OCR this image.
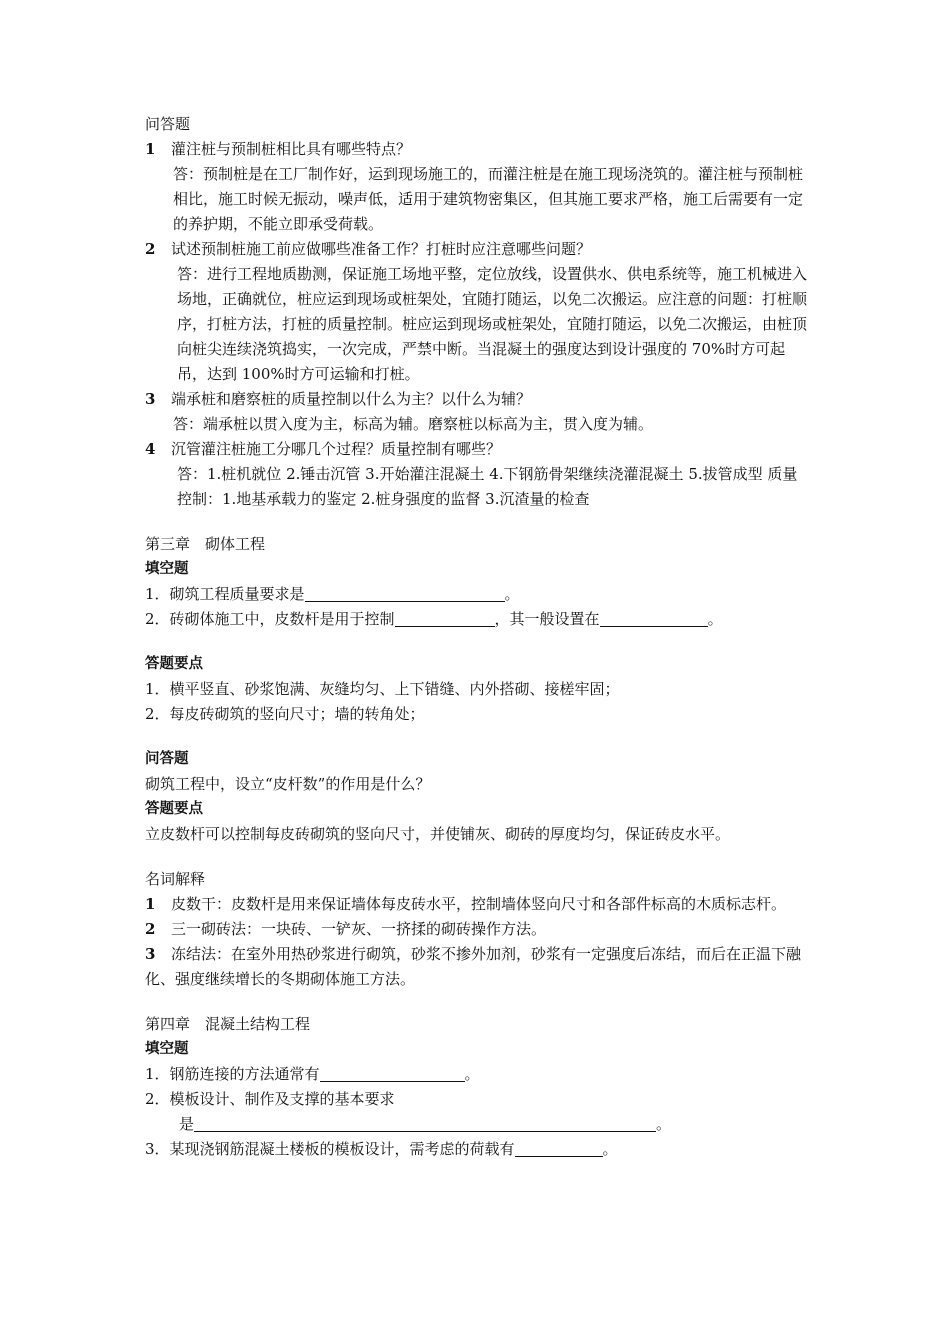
问答题
1 灌注桩与预制桩相比具有哪些特点？
答：预制桩是在工厂制作好，运到现场施工的，而灌注桩是在施工现场浇筑的。灌注桩与预制桩相比，施工时候无振动，噪声低，适用于建筑物密集区，但其施工要求严格，施工后需要有一定的养护期，不能立即承受荷载。
2 试述预制桩施工前应做哪些准备工作？打桩时应注意哪些问题？
答：进行工程地质勘测，保证施工场地平整，定位放线，设置供水、供电系统等，施工机械进入场地，正确就位，桩应运到现场或桩架处，宜随打随运，以免二次搬运。应注意的问题：打桩顺序，打桩方法，打桩的质量控制。桩应运到现场或桩架处，宜随打随运，以免二次搬运，由桩顶向桩尖连续浇筑捣实，一次完成，严禁中断。当混凝土的强度达到设计强度的 70%时方可起吊，达到 100%时方可运输和打桩。
3 端承桩和磨察桩的质量控制以什么为主？以什么为辅？
答：端承桩以贯入度为主，标高为辅。磨察桩以标高为主，贯入度为辅。
4 沉管灌注桩施工分哪几个过程？质量控制有哪些？
答：1.桩机就位 2.锤击沉管 3.开始灌注混凝土 4.下钢筋骨架继续浇灌混凝土 5.拔管成型 质量控制：1.地基承载力的鉴定 2.桩身强度的监督 3.沉渣量的检查
第三章　砌体工程
填空题
1．砌筑工程质量要求是	。
2．砖砌体施工中，皮数杆是用于控制	，其一般设置在	。
答题要点
1．横平竖直、砂浆饱满、灰缝均匀、上下错缝、内外搭砌、接槎牢固；
2．每皮砖砌筑的竖向尺寸；墙的转角处；
问答题
砌筑工程中，设立“皮杆数”的作用是什么？
答题要点
立皮数杆可以控制每皮砖砌筑的竖向尺寸，并使铺灰、砌砖的厚度均匀，保证砖皮水平。
名词解释
1 皮数干：皮数杆是用来保证墙体每皮砖水平，控制墙体竖向尺寸和各部件标高的木质标志杆。
2 三一砌砖法：一块砖、一铲灰、一挤揉的砌砖操作方法。
3 冻结法：在室外用热砂浆进行砌筑，砂浆不掺外加剂，砂浆有一定强度后冻结，而后在正温下融化、强度继续增长的冬期砌体施工方法。
第四章　混凝土结构工程
填空题
1．钢筋连接的方法通常有	。
2．模板设计、制作及支撑的基本要求
是	。
3．某现浇钢筋混凝土楼板的模板设计，需考虑的荷载有	。
